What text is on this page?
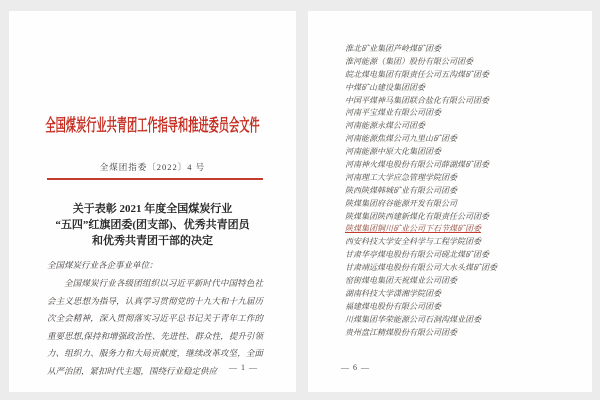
全国煤炭行业共青团工作指导和推进委员会文件
全煤团指委〔2022〕4 号
关于表彰 2021 年度全国煤炭行业
“五四”红旗团委(团支部)、优秀共青团员
和优秀共青团干部的决定
全国煤炭行业各企事业单位：
全国煤炭行业各级团组织以习近平新时代中国特色社会主义思想为指导，认真学习贯彻党的十九大和十九届历次全会精神，深入贯彻落实习近平总书记关于青年工作的重要思想,保持和增强政治性、先进性、群众性，提升引领力、组织力、服务力和大局贡献度，继续改革攻坚，全面从严治团，紧扣时代主题，围绕行业稳定供应	— 1 —
淮北矿业集团芦岭煤矿团委
淮河能源（集团）股份有限公司团委
皖北煤电集团有限责任公司五沟煤矿团委
中煤矿山建设集团团委
中国平煤神马集团联合盐化有限公司团委
河南平宝煤业有限公司团委
河南能源永煤公司团委
河南能源焦煤公司九里山矿团委
河南能源中原大化集团团委
河南神火煤电股份有限公司薛湖煤矿团委
河南理工大学应急管理学院团委
陕西陕煤韩城矿业有限公司团委
陕煤集团府谷能源开发有限公司
陕煤集团陕西建新煤化有限责任公司团委
陕煤集团铜川矿业公司下石节煤矿团委
西安科技大学安全科学与工程学院团委
甘肃华亭煤电股份有限公司砚北煤矿团委
甘肃靖远煤电股份有限公司大水头煤矿团委
窑街煤电集团天祝煤业公司团委
湖南科技大学潇湘学院团委
福建煤电股份有限公司团委
川煤集团华荣能源公司石洞沟煤业团委
贵州盘江精煤股份有限公司团委
— 6 —
